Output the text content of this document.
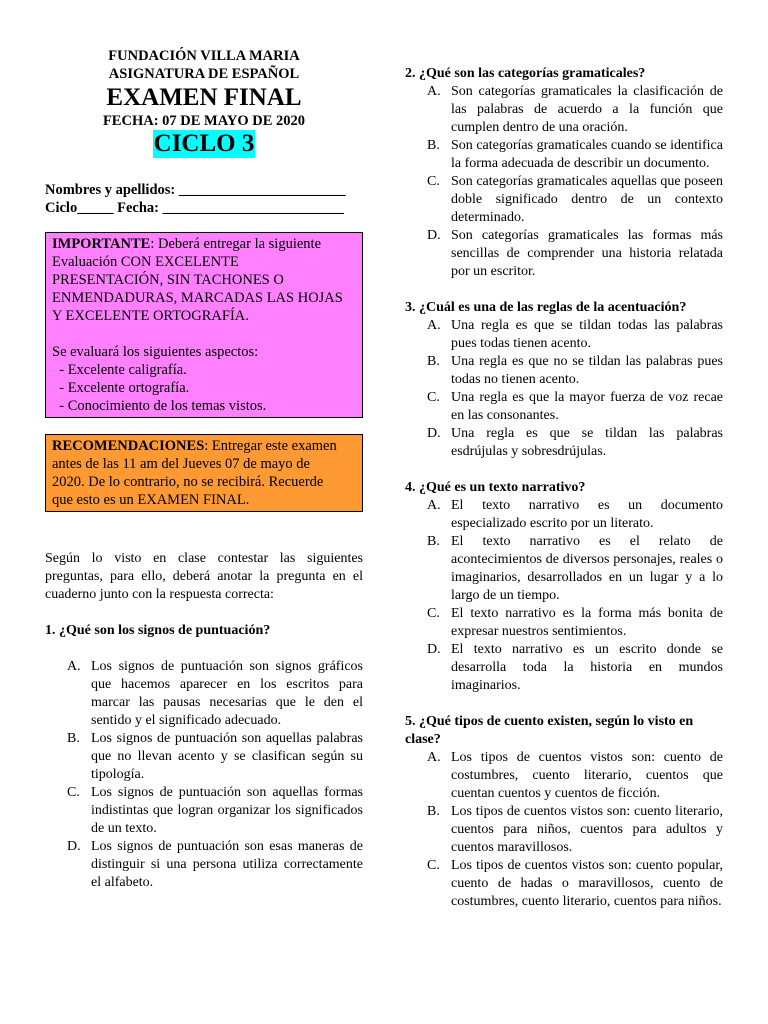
FUNDACIÓN VILLA MARIA
ASIGNATURA DE ESPAÑOL
EXAMEN FINAL
FECHA: 07 DE MAYO DE 2020
CICLO 3
Nombres y apellidos: _______________________
Ciclo_____ Fecha: _________________________

IMPORTANTE: Deberá entregar la siguiente

Evaluación CON EXCELENTE

PRESENTACIÓN, SIN TACHONES O

ENMENDADURAS, MARCADAS LAS HOJAS

Y EXCELENTE ORTOGRAFÍA.

Se evaluará los siguientes aspectos:

- Excelente caligrafía.

- Excelente ortografía.

- Conocimiento de los temas vistos.

RECOMENDACIONES: Entregar este examen

antes de las 11 am del Jueves 07 de mayo de

2020. De lo contrario, no se recibirá. Recuerde

que esto es un EXAMEN FINAL.

Según lo visto en clase contestar las siguientes preguntas, para ello, deberá anotar la pregunta en el cuaderno junto con la respuesta correcta:
1. ¿Qué son los signos de puntuación?
A. Los signos de puntuación son signos gráficos que hacemos aparecer en los escritos para marcar las pausas necesarias que le den el sentido y el significado adecuado.
B. Los signos de puntuación son aquellas palabras que no llevan acento y se clasifican según su tipología.
C. Los signos de puntuación son aquellas formas indistintas que logran organizar los significados de un texto.
D. Los signos de puntuación son esas maneras de distinguir si una persona utiliza correctamente el alfabeto.
2. ¿Qué son las categorías gramaticales?
A. Son categorías gramaticales la clasificación de las palabras de acuerdo a la función que cumplen dentro de una oración.
B. Son categorías gramaticales cuando se identifica la forma adecuada de describir un documento.
C. Son categorías gramaticales aquellas que poseen doble significado dentro de un contexto determinado.
D. Son categorías gramaticales las formas más sencillas de comprender una historia relatada por un escritor.
3. ¿Cuál es una de las reglas de la acentuación?
A. Una regla es que se tildan todas las palabras pues todas tienen acento.
B. Una regla es que no se tildan las palabras pues todas no tienen acento.
C. Una regla es que la mayor fuerza de voz recae en las consonantes.
D. Una regla es que se tildan las palabras esdrújulas y sobresdrújulas.
4. ¿Qué es un texto narrativo?
A. El texto narrativo es un documento especializado escrito por un literato.
B. El texto narrativo es el relato de acontecimientos de diversos personajes, reales o imaginarios, desarrollados en un lugar y a lo largo de un tiempo.
C. El texto narrativo es la forma más bonita de expresar nuestros sentimientos.
D. El texto narrativo es un escrito donde se desarrolla toda la historia en mundos imaginarios.
5. ¿Qué tipos de cuento existen, según lo visto en clase?
A. Los tipos de cuentos vistos son: cuento de costumbres, cuento literario, cuentos que cuentan cuentos y cuentos de ficción.
B. Los tipos de cuentos vistos son: cuento literario, cuentos para niños, cuentos para adultos y cuentos maravillosos.
C. Los tipos de cuentos vistos son: cuento popular, cuento de hadas o maravillosos, cuento de costumbres, cuento literario, cuentos para niños.
